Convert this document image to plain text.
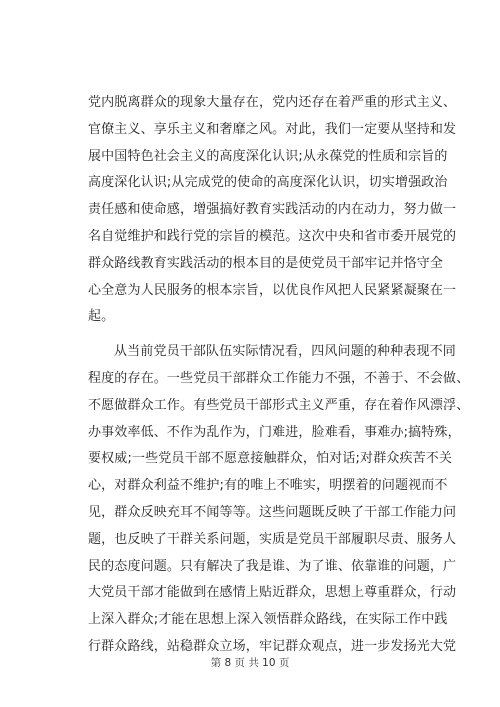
党内脱离群众的现象大量存在，党内还存在着严重的形式主义、
官僚主义、享乐主义和奢靡之风。对此，我们一定要从坚持和发
展中国特色社会主义的高度深化认识;从永葆党的性质和宗旨的
高度深化认识;从完成党的使命的高度深化认识，切实增强政治
责任感和使命感，增强搞好教育实践活动的内在动力，努力做一
名自觉维护和践行党的宗旨的模范。这次中央和省市委开展党的
群众路线教育实践活动的根本目的是使党员干部牢记并恪守全
心全意为人民服务的根本宗旨，以优良作风把人民紧紧凝聚在一
起。
从当前党员干部队伍实际情况看，四风问题的种种表现不同
程度的存在。一些党员干部群众工作能力不强，不善于、不会做、
不愿做群众工作。有些党员干部形式主义严重，存在着作风漂浮、
办事效率低、不作为乱作为，门难进，脸难看，事难办;搞特殊，
要权威;一些党员干部不愿意接触群众，怕对话;对群众疾苦不关
心，对群众利益不维护;有的唯上不唯实，明摆着的问题视而不
见，群众反映充耳不闻等等。这些问题既反映了干部工作能力问
题，也反映了干群关系问题，实质是党员干部履职尽责、服务人
民的态度问题。只有解决了我是谁、为了谁、依靠谁的问题，广
大党员干部才能做到在感情上贴近群众，思想上尊重群众，行动
上深入群众;才能在思想上深入领悟群众路线，在实际工作中践
行群众路线，站稳群众立场，牢记群众观点，进一步发扬光大党
第 8 页 共 10 页
